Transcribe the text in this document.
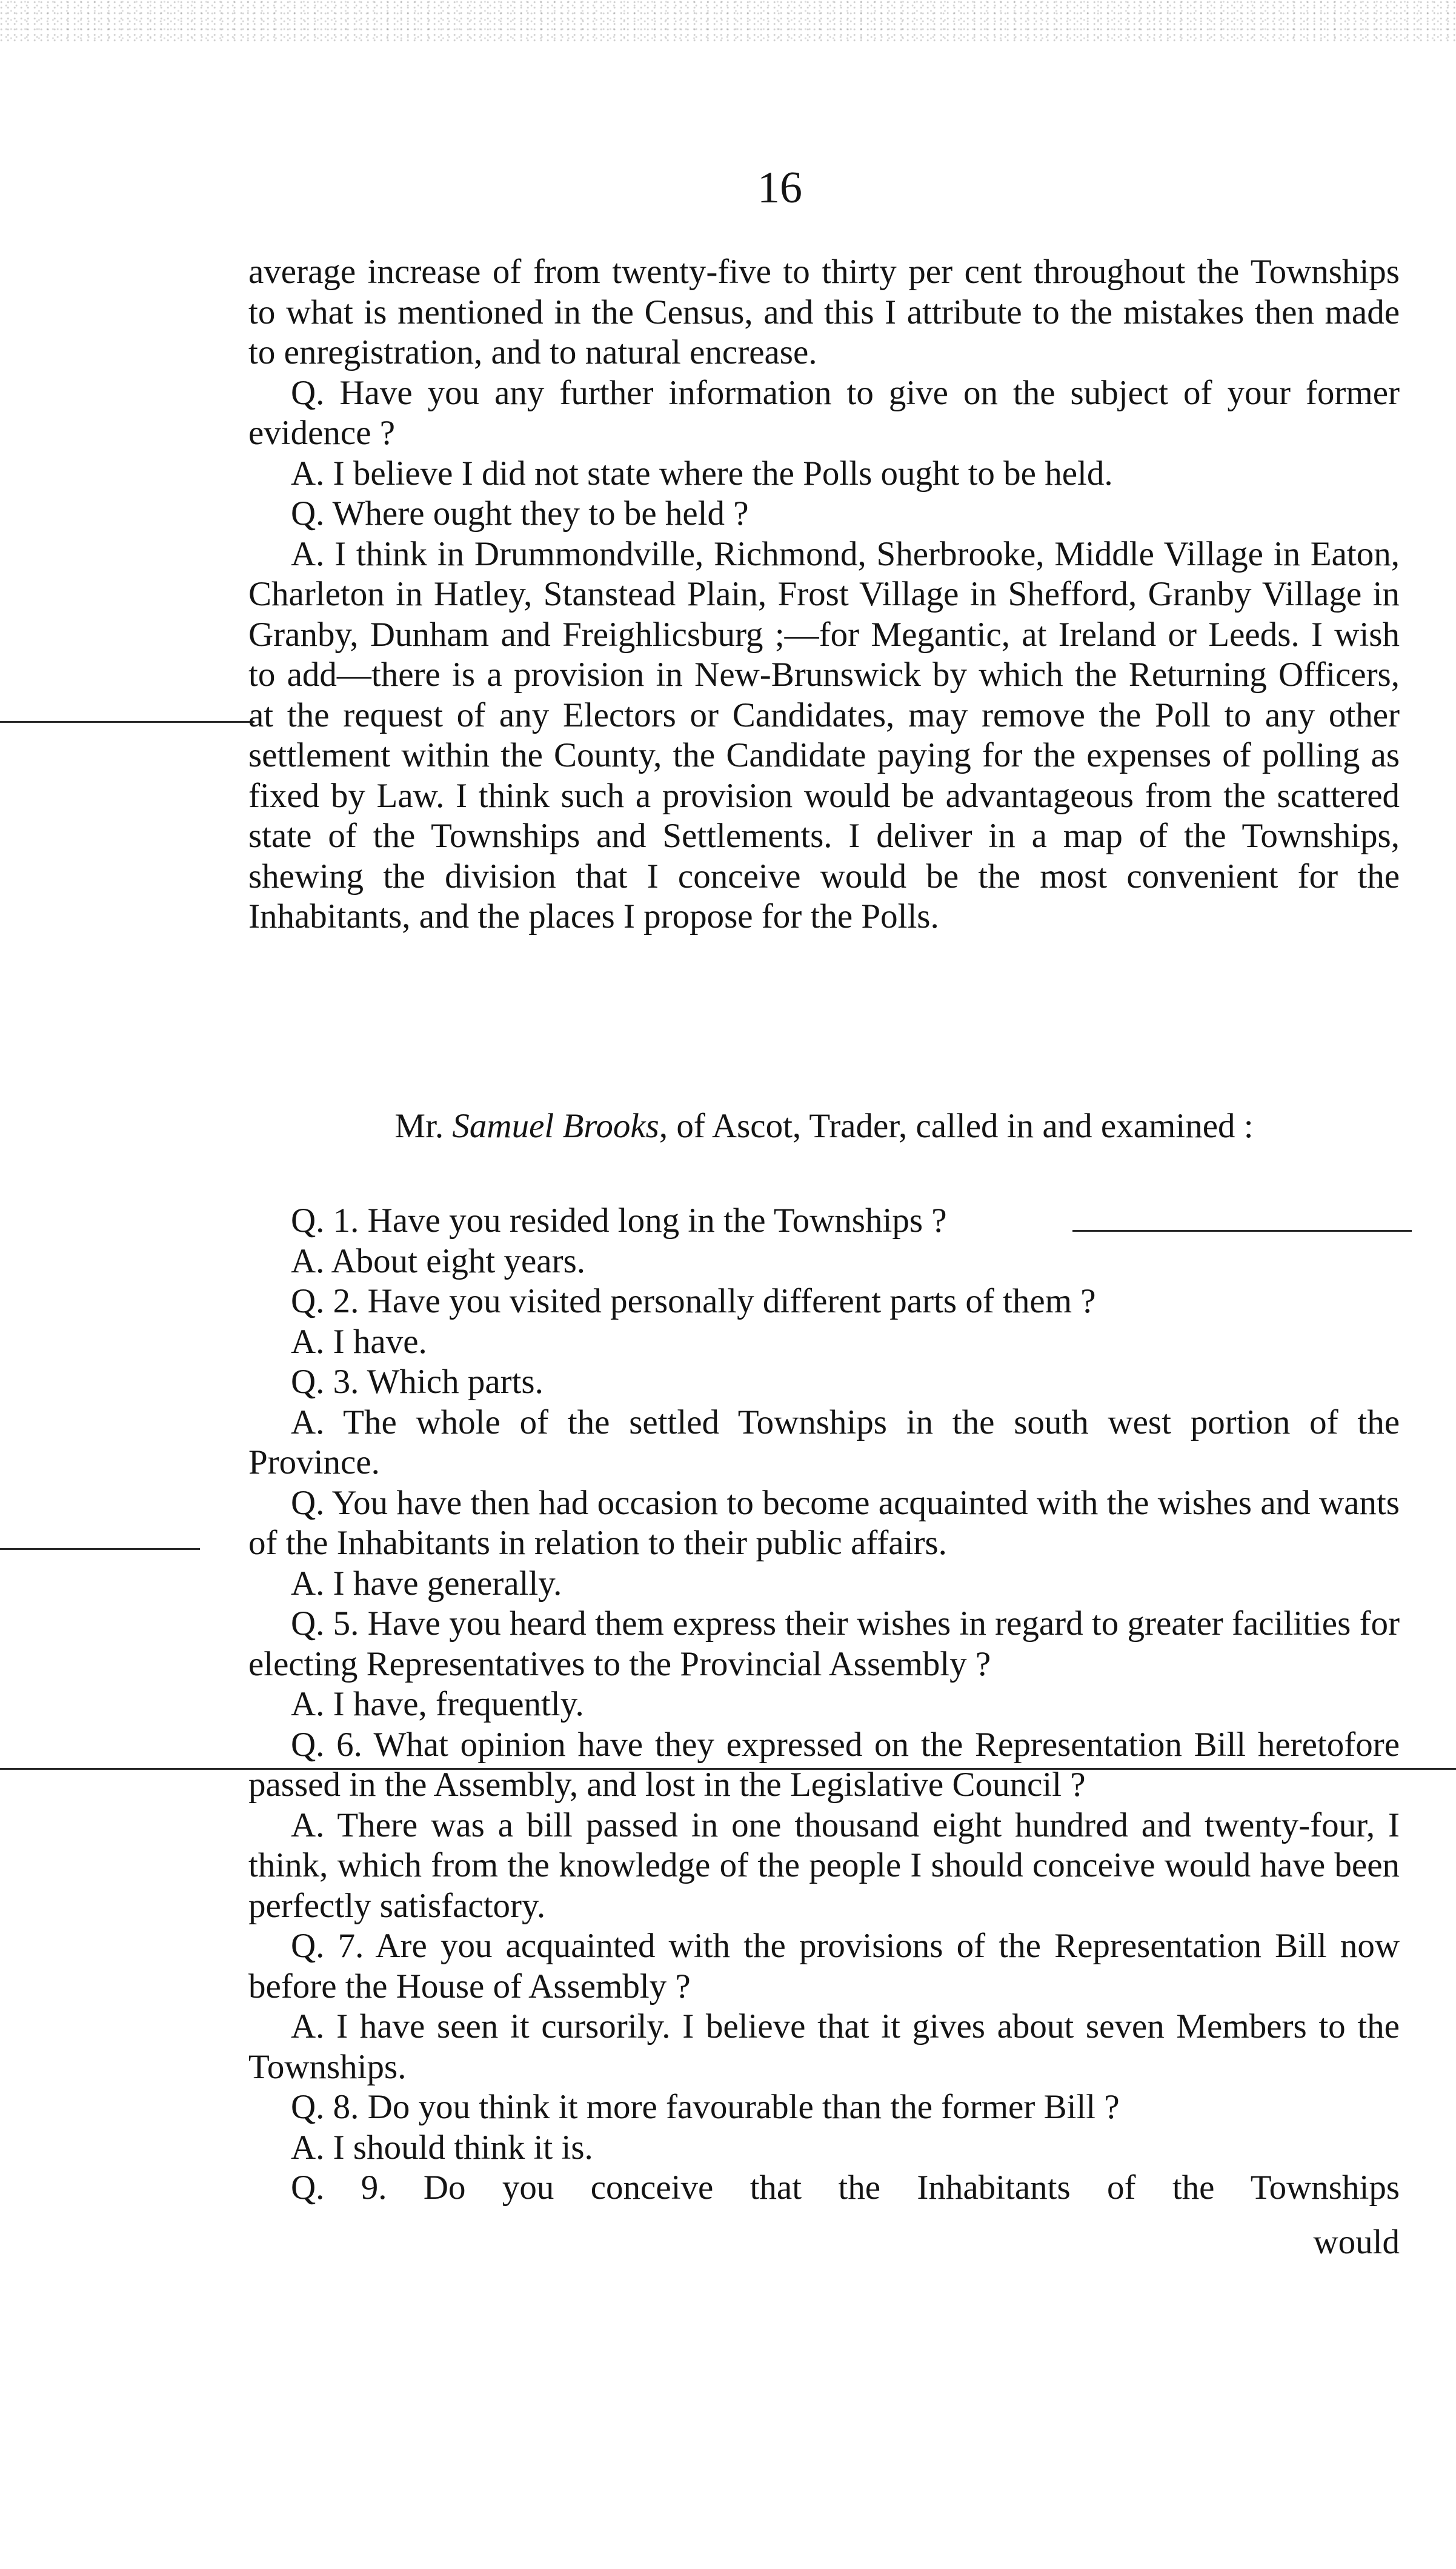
16

average increase of from twenty-five to thirty per cent throughout the Townships to what is mentioned in the Census, and this I attribute to the mistakes then made to enregistration, and to natural encrease.

Q. Have you any further information to give on the subject of your former evidence ?

A. I believe I did not state where the Polls ought to be held.

Q. Where ought they to be held ?

A. I think in Drummondville, Richmond, Sherbrooke, Middle Village in Eaton, Charleton in Hatley, Stanstead Plain, Frost Village in Shefford, Granby Village in Granby, Dunham and Freighlicsburg ;—for Megantic, at Ireland or Leeds. I wish to add—there is a provision in New-Brunswick by which the Returning Officers, at the request of any Electors or Candidates, may remove the Poll to any other settlement within the County, the Candidate paying for the expenses of polling as fixed by Law. I think such a provision would be advantageous from the scattered state of the Townships and Settlements. I deliver in a map of the Townships, shewing the division that I conceive would be the most convenient for the Inhabitants, and the places I propose for the Polls.

Mr. Samuel Brooks, of Ascot, Trader, called in and examined :

Q. 1. Have you resided long in the Townships ?

A. About eight years.

Q. 2. Have you visited personally different parts of them ?

A. I have.

Q. 3. Which parts.

A. The whole of the settled Townships in the south west portion of the Province.

Q. You have then had occasion to become acquainted with the wishes and wants of the Inhabitants in relation to their public affairs.

A. I have generally.

Q. 5. Have you heard them express their wishes in regard to greater facilities for electing Representatives to the Provincial Assembly ?

A. I have, frequently.

Q. 6. What opinion have they expressed on the Representation Bill heretofore passed in the Assembly, and lost in the Legislative Council ?

A. There was a bill passed in one thousand eight hundred and twenty-four, I think, which from the knowledge of the people I should conceive would have been perfectly satisfactory.

Q. 7. Are you acquainted with the provisions of the Representation Bill now before the House of Assembly ?

A. I have seen it cursorily. I believe that it gives about seven Members to the Townships.

Q. 8. Do you think it more favourable than the former Bill ?

A. I should think it is.

Q. 9. Do you conceive that the Inhabitants of the Townships

would
